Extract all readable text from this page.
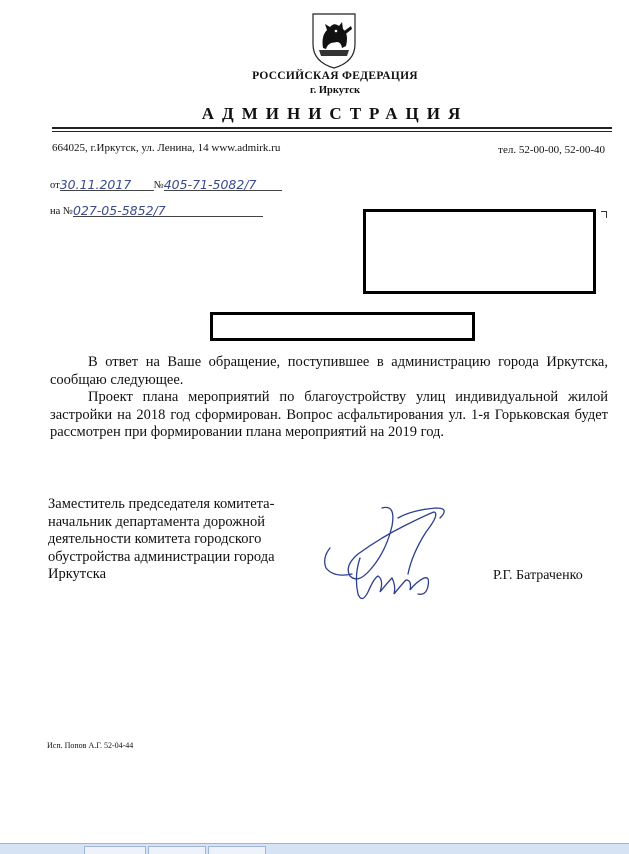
РОССИЙСКАЯ ФЕДЕРАЦИЯ
г. Иркутск
АДМИНИСТРАЦИЯ
664025, г.Иркутск, ул. Ленина, 14 www.admirk.ru	тел. 52-00-00, 52-00-40
от30.11.2017 №405-71-5082/7
на №027-05-5852/7

В ответ на Ваше обращение, поступившее в администрацию города Иркутска, сообщаю следующее.

Проект плана мероприятий по благоустройству улиц индивидуальной жилой застройки на 2018 год сформирован. Вопрос асфальтирования ул. 1-я Горьковская будет рассмотрен при формировании плана мероприятий на 2019 год.

Заместитель председателя комитета-начальник департамента дорожной деятельности комитета городского обустройства администрации города Иркутска	Р.Г. Батраченко
Исп. Попов А.Г. 52-04-44
